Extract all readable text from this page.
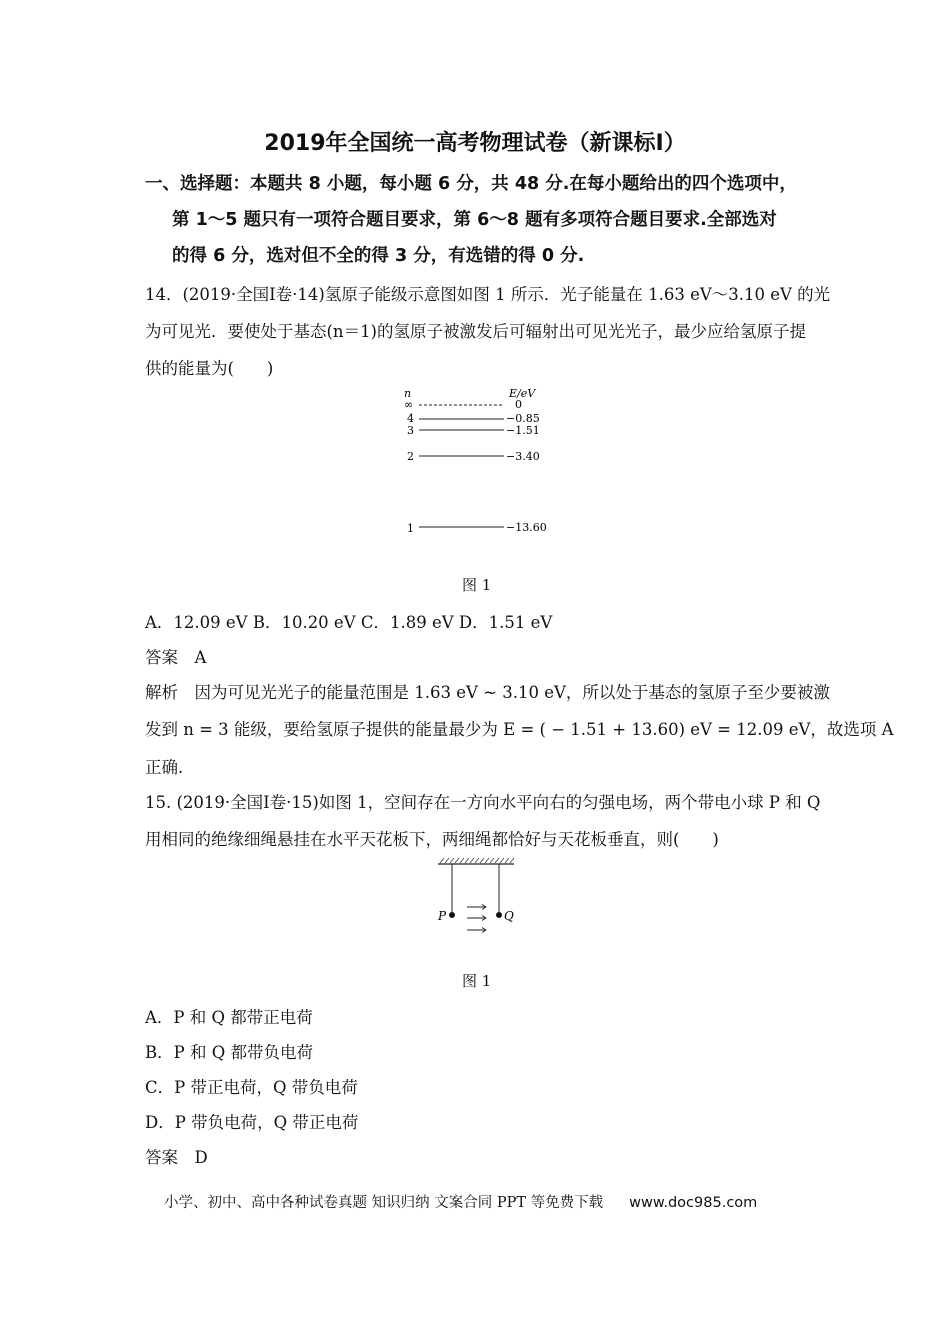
2019年全国统一高考物理试卷（新课标Ⅰ）
一、选择题：本题共 8 小题，每小题 6 分，共 48 分.在每小题给出的四个选项中，
第 1～5 题只有一项符合题目要求，第 6～8 题有多项符合题目要求.全部选对
的得 6 分，选对但不全的得 3 分，有选错的得 0 分.
14．(2019·全国Ⅰ卷·14)氢原子能级示意图如图 1 所示．光子能量在 1.63 eV～3.10 eV 的光
为可见光．要使处于基态(n＝1)的氢原子被激发后可辐射出可见光光子，最少应给氢原子提
供的能量为(　　)
n	E/eV
∞	0
4	−0.85
3	−1.51
2	−3.40
1	−13.60
图 1
A．12.09 eV B．10.20 eV C．1.89 eV D．1.51 eV
答案　A
解析　因为可见光光子的能量范围是 1.63 eV ~ 3.10 eV，所以处于基态的氢原子至少要被激
发到 n = 3 能级，要给氢原子提供的能量最少为 E = ( − 1.51 + 13.60) eV = 12.09 eV，故选项 A
正确.
15. (2019·全国Ⅰ卷·15)如图 1，空间存在一方向水平向右的匀强电场，两个带电小球 P 和 Q
用相同的绝缘细绳悬挂在水平天花板下，两细绳都恰好与天花板垂直，则(　　)
P	Q
图 1
A．P 和 Q 都带正电荷
B．P 和 Q 都带负电荷
C．P 带正电荷，Q 带负电荷
D．P 带负电荷，Q 带正电荷
答案　D
小学、初中、高中各种试卷真题 知识归纳 文案合同 PPT 等免费下载 www.doc985.com
